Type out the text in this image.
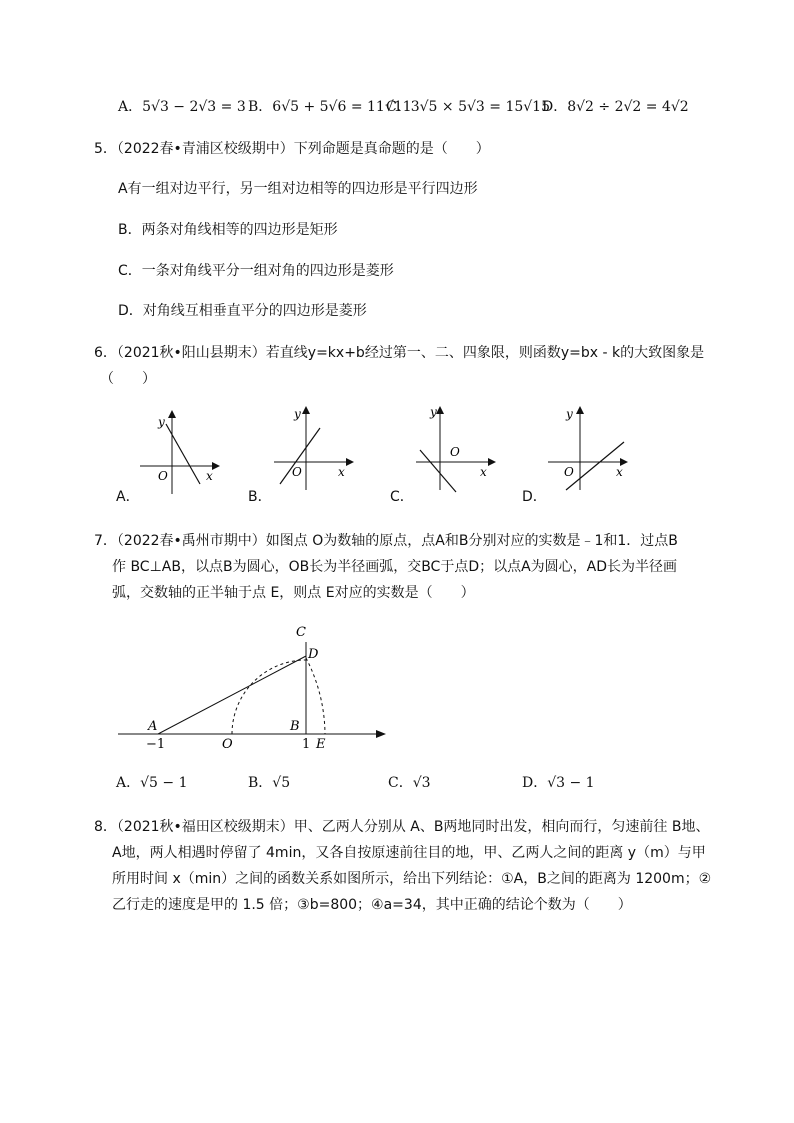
A．5√3 − 2√3 = 3 B．6√5 + 5√6 = 11√11
C．3√5 × 5√3 = 15√15
D．8√2 ÷ 2√2 = 4√2
5．（2022春•青浦区校级期中）下列命题是真命题的是（　　）
A有一组对边平行，另一组对边相等的四边形是平行四边形
B．两条对角线相等的四边形是矩形
C．一条对角线平分一组对角的四边形是菱形
D．对角线互相垂直平分的四边形是菱形
6．（2021秋•阳山县期末）若直线y=kx+b经过第一、二、四象限，则函数y=bx - k的大致图象是
（　　）
y
x
O
A．
y
x
O
B．
y
x
O
C．
y
x
O
D．
7．（2022春•禹州市期中）如图点 O为数轴的原点，点A和B分别对应的实数是﹣1和1．过点B
作 BC⊥AB，以点B为圆心，OB长为半径画弧，交BC于点D；以点A为圆心，AD长为半径画
弧，交数轴的正半轴于点 E，则点 E对应的实数是（　　）
C
D
A	B
−1	O	1 E
A．√5 − 1	B．√5	C．√3	D．√3 − 1
8．（2021秋•福田区校级期末）甲、乙两人分别从 A、B两地同时出发，相向而行，匀速前往 B地、
A地，两人相遇时停留了 4min，又各自按原速前往目的地，甲、乙两人之间的距离 y（m）与甲
所用时间 x（min）之间的函数关系如图所示，给出下列结论：①A，B之间的距离为 1200m；②
乙行走的速度是甲的 1.5 倍；③b=800；④a=34，其中正确的结论个数为（　　）
